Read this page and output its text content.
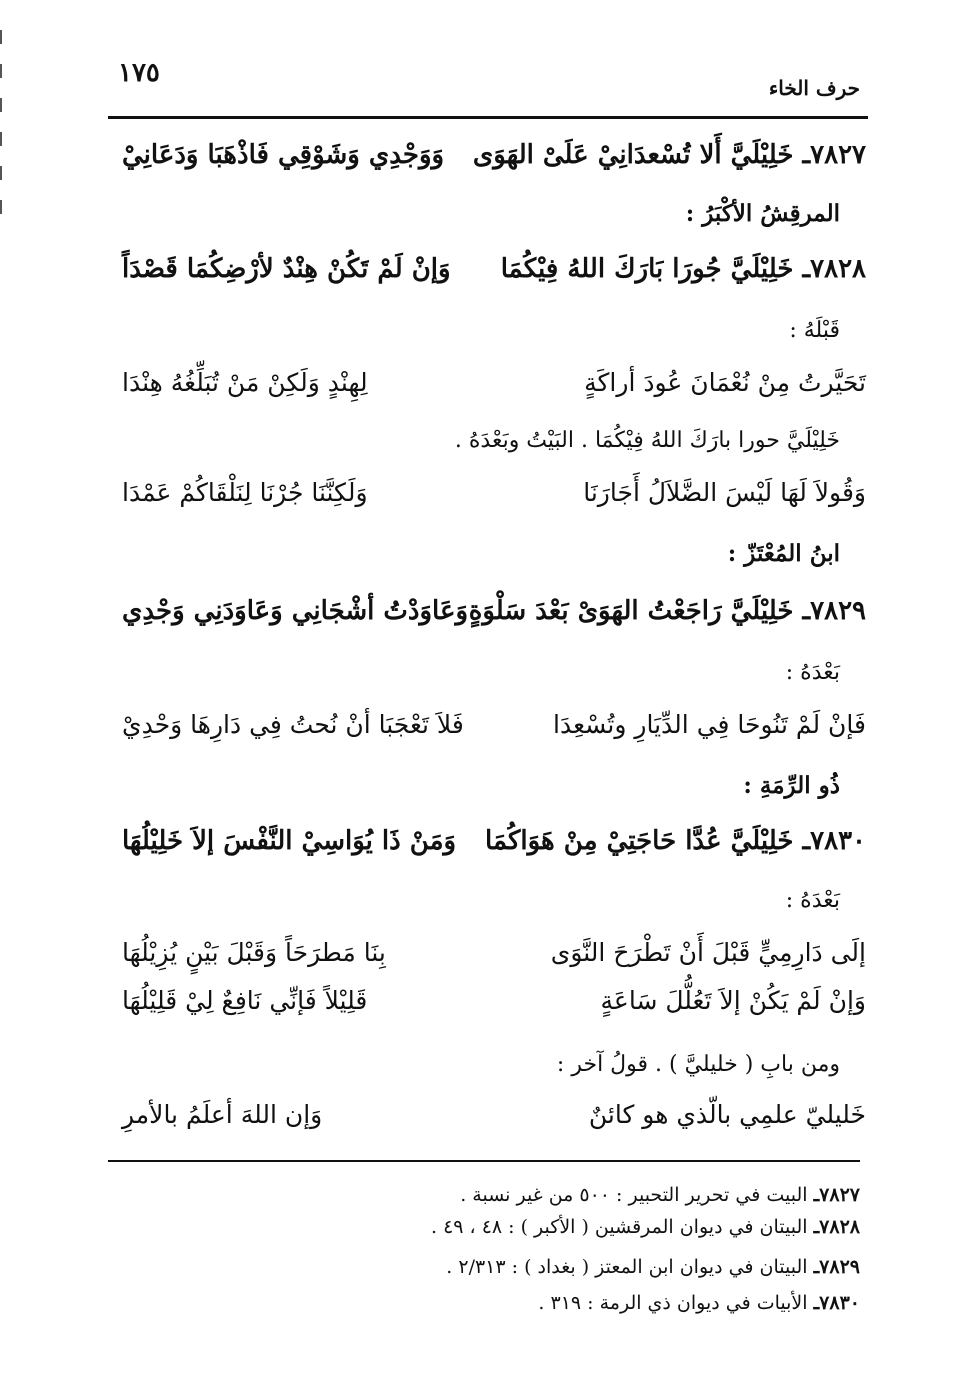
١٧٥	حرف الخاء
٧٨٢٧ـ خَلِيْلَيَّ أَلا تُسْعدَانِيْ عَلَىْ الهَوَى
وَوَجْدِي وَشَوْقِي فَاذْهَبَا وَدَعَانِيْ
المرقِشُ الأكْبَرُ :
٧٨٢٨ـ خَلِيْلَيَّ جُورَا بَارَكَ اللهُ فِيْكُمَا
وَإنْ لَمْ تَكُنْ هِنْدٌ لأرْضِكُمَا قَصْدَاً
قَبْلَهُ :
تَحَيَّرتُ مِنْ نُعْمَانَ عُودَ أراكَةٍ
لِهِنْدٍ وَلَكِنْ مَنْ تُبَلِّغُهُ هِنْدَا
خَلِيْلَيَّ حورا بارَكَ اللهُ فِيْكُمَا . البَيْتُ وبَعْدَهُ .
وَقُولاَ لَهَا لَيْسَ الضَّلاَلُ أَجَارَنَا
وَلَكِنَّنَا جُرْنَا لِنَلْقَاكُمْ عَمْدَا
ابنُ المُعْتَزّ :
٧٨٢٩ـ خَلِيْلَيَّ رَاجَعْتُ الهَوَىْ بَعْدَ سَلْوَةٍ
وَعَاوَدْتُ أشْجَانِي وَعَاوَدَنِي وَجْدِي
بَعْدَهُ :
فَإنْ لَمْ تَنُوحَا فِي الدِّيَارِ وتُسْعِدَا
فَلاَ تَعْجَبَا أنْ نُحتُ فِي دَارِهَا وَحْدِيْ
ذُو الرِّمَةِ :
٧٨٣٠ـ خَلِيْلَيَّ عُدَّا حَاجَتِيْ مِنْ هَوَاكُمَا
وَمَنْ ذَا يُوَاسِيْ النَّفْسَ إلاَ خَلِيْلُهَا
بَعْدَهُ :
إلَى دَارِمِيٍّ قَبْلَ أَنْ تَطْرَحَ النَّوَى
بِنَا مَطرَحَاً وَقَبْلَ بَيْنٍ يُزِيْلُهَا
وَإنْ لَمْ يَكُنْ إلاَ تَعُلُّلَ سَاعَةٍ
قَلِيْلاً فَإنِّي نَافِعٌ لِيْ قَلِيْلُهَا
ومن بابِ ( خليليَّ ) . قولُ آخر :
خَليليّ علمِي بالّذي هو كائنٌ
وَإن اللهَ أعلَمُ بالأمرِ
٧٨٢٧ـ البيت في تحرير التحبير : ٥٠٠ من غير نسبة .
٧٨٢٨ـ البيتان في ديوان المرقشين ( الأكبر ) : ٤٨ ، ٤٩ .
٧٨٢٩ـ البيتان في ديوان ابن المعتز ( بغداد ) : ٢/٣١٣ .
٧٨٣٠ـ الأبيات في ديوان ذي الرمة : ٣١٩ .
